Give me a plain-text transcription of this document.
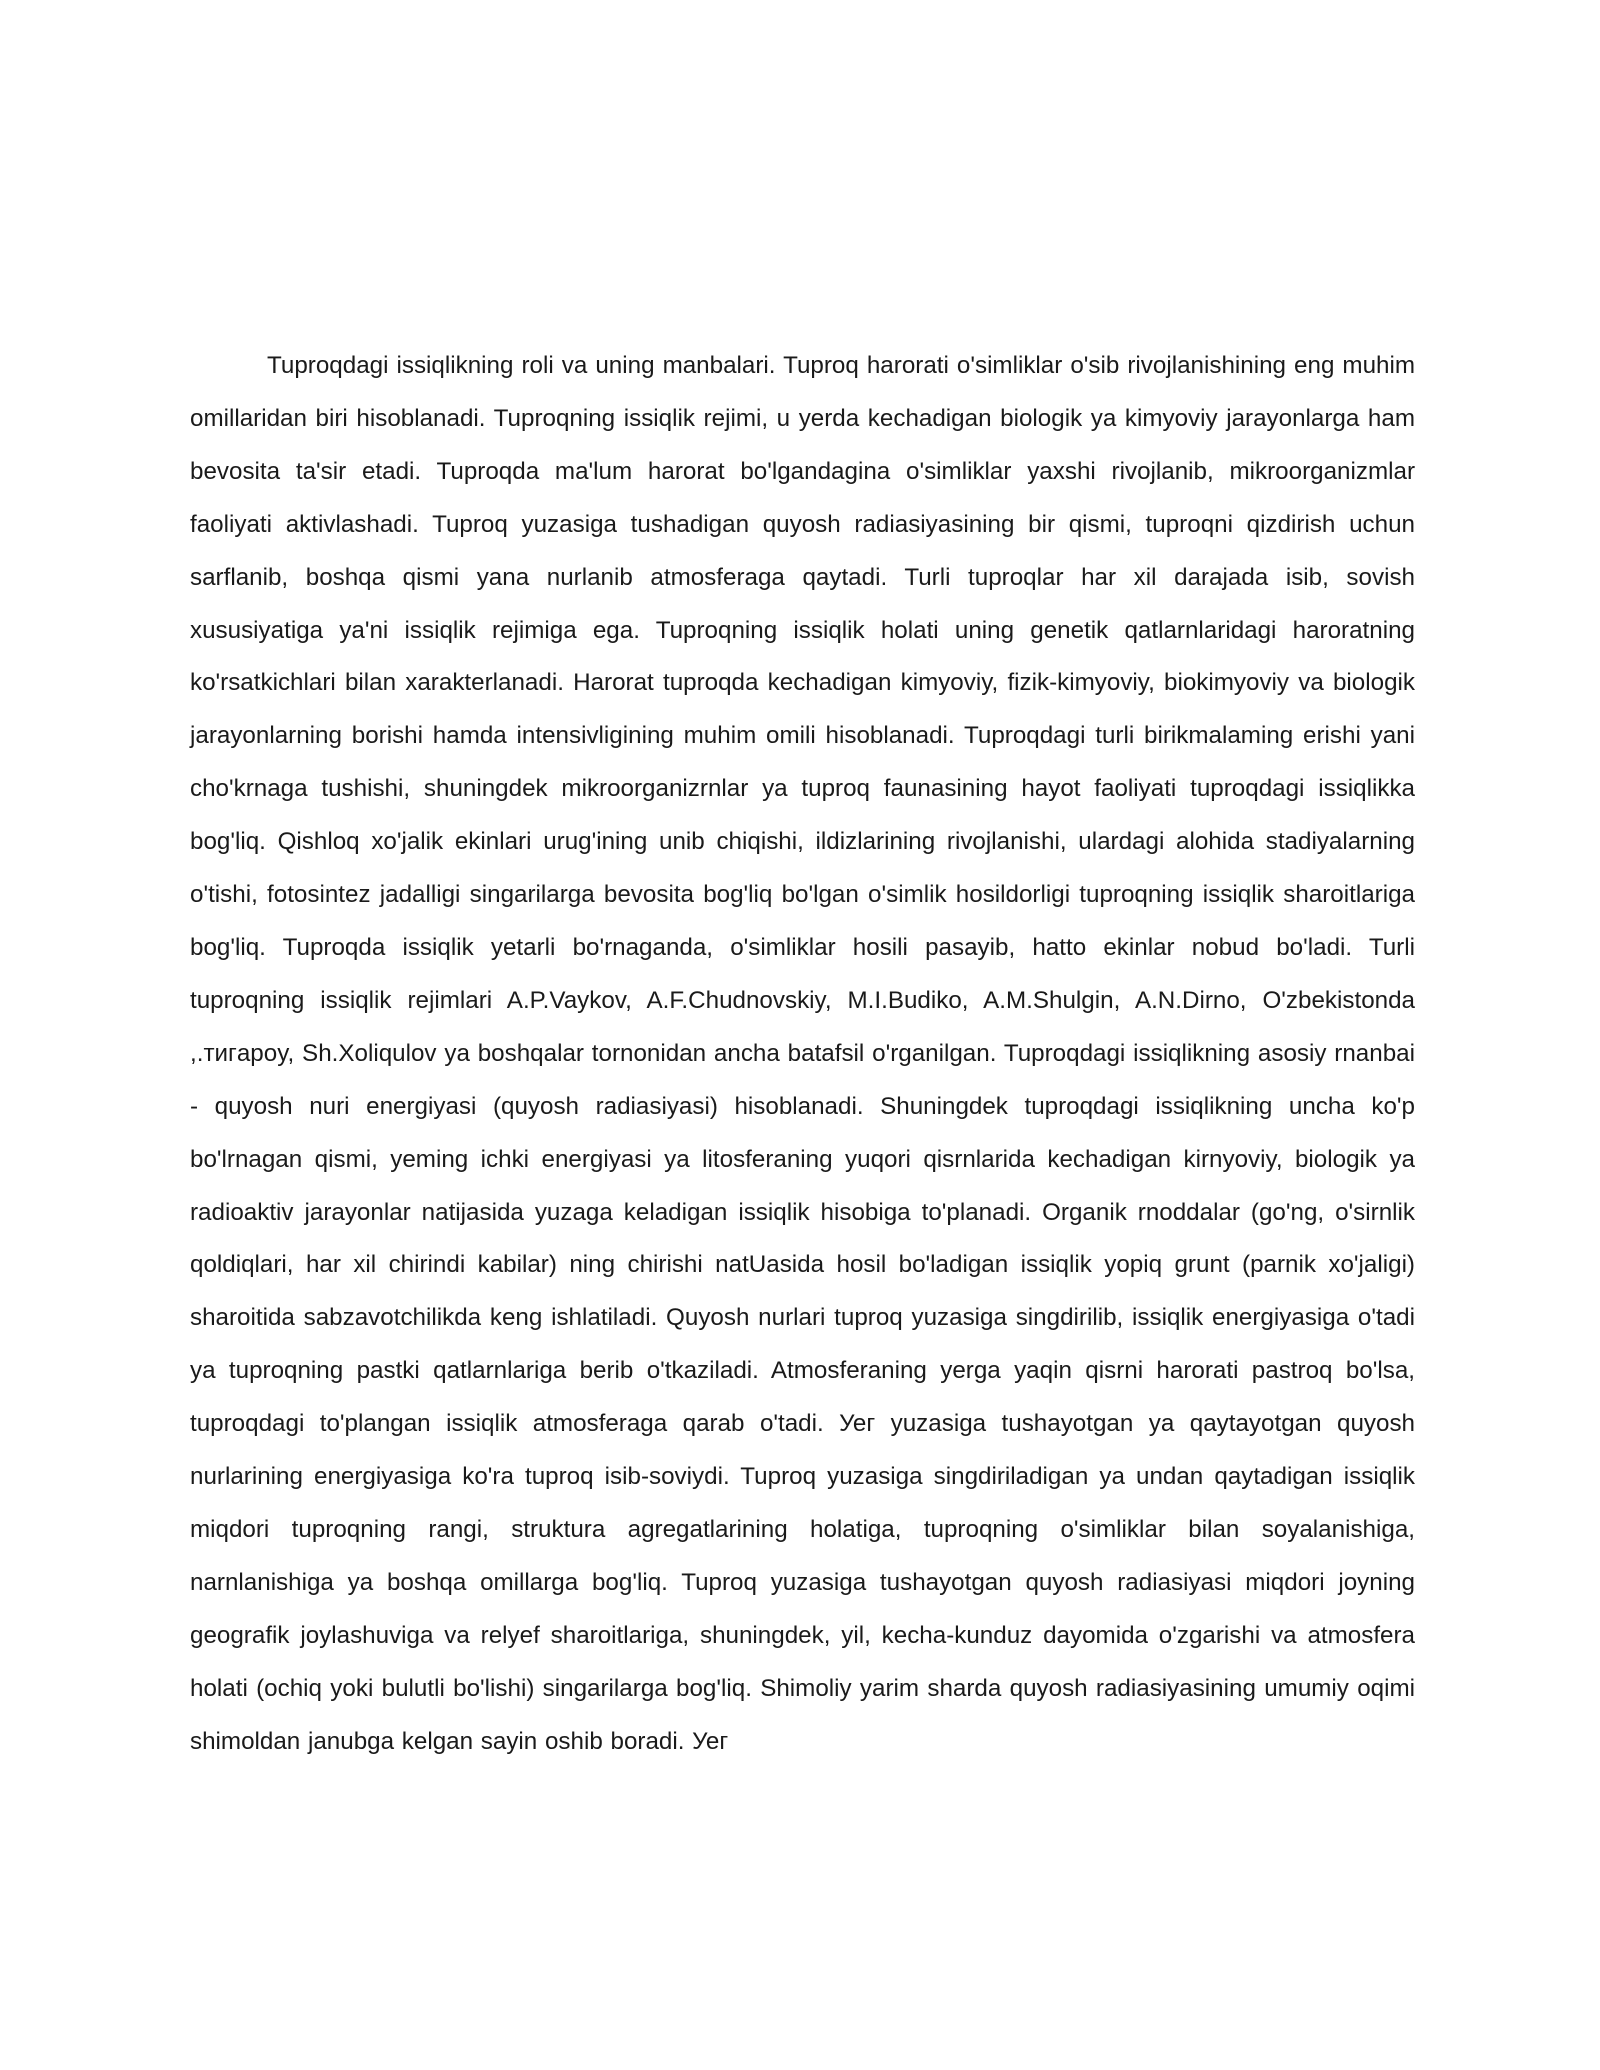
Tuproqdagi issiqlikning roli va uning manbalari. Tuproq harorati o'simliklar o'sib rivojlanishining eng muhim omillaridan biri hisoblanadi. Tuproqning issiqlik rejimi, u yerda kechadigan biologik ya kimyoviy jarayonlarga ham bevosita ta'sir etadi. Tuproqda ma'lum harorat bo'lgandagina o'simliklar yaxshi rivojlanib, mikroorganizmlar faoliyati aktivlashadi. Tuproq yuzasiga tushadigan quyosh radiasiyasining bir qismi, tuproqni qizdirish uchun sarflanib, boshqa qismi yana nurlanib atmosferaga qaytadi. Turli tuproqlar har xil darajada isib, sovish xususiyatiga ya'ni issiqlik rejimiga ega. Tuproqning issiqlik holati uning genetik qatlarnlaridagi haroratning ko'rsatkichlari bilan xarakterlanadi. Harorat tuproqda kechadigan kimyoviy, fizik-kimyoviy, biokimyoviy va biologik jarayonlarning borishi hamda intensivligining muhim omili hisoblanadi. Tuproqdagi turli birikmalaming erishi yani cho'krnaga tushishi, shuningdek mikroorganizrnlar ya tuproq faunasining hayot faoliyati tuproqdagi issiqlikka bog'liq. Qishloq xo'jalik ekinlari urug'ining unib chiqishi, ildizlarining rivojlanishi, ulardagi alohida stadiyalarning o'tishi, fotosintez jadalligi singarilarga bevosita bog'liq bo'lgan o'simlik hosildorligi tuproqning issiqlik sharoitlariga bog'liq. Tuproqda issiqlik yetarli bo'rnaganda, o'simliklar hosili pasayib, hatto ekinlar nobud bo'ladi. Turli tuproqning issiqlik rejimlari A.P.Vaykov, A.F.Chudnovskiy, M.I.Budiko, A.M.Shulgin, A.N.Dirno, O'zbekistonda ,.тигapoy, Sh.Xoliqulov ya boshqalar tornonidan ancha batafsil o'rganilgan. Tuproqdagi issiqlikning asosiy rnanbai - quyosh nuri energiyasi (quyosh radiasiyasi) hisoblanadi. Shuningdek tuproqdagi issiqlikning uncha ko'p bo'lrnagan qismi, yeming ichki energiyasi ya litosferaning yuqori qisrnlarida kechadigan kirnyoviy, biologik ya radioaktiv jarayonlar natijasida yuzaga keladigan issiqlik hisobiga to'planadi. Organik rnoddalar (go'ng, o'sirnlik qoldiqlari, har xil chirindi kabilar) ning chirishi natUasida hosil bo'ladigan issiqlik yopiq grunt (parnik xo'jaligi) sharoitida sabzavotchilikda keng ishlatiladi. Quyosh nurlari tuproq yuzasiga singdirilib, issiqlik energiyasiga o'tadi ya tuproqning pastki qatlarnlariga berib o'tkaziladi. Atmosferaning yerga yaqin qisrni harorati pastroq bo'lsa, tuproqdagi to'plangan issiqlik atmosferaga qarab o'tadi. Уег yuzasiga tushayotgan ya qaytayotgan quyosh nurlarining energiyasiga ko'ra tuproq isib-soviydi. Tuproq yuzasiga singdiriladigan ya undan qaytadigan issiqlik miqdori tuproqning rangi, struktura agregatlarining holatiga, tuproqning o'simliklar bilan soyalanishiga, narnlanishiga ya boshqa omillarga bog'liq. Tuproq yuzasiga tushayotgan quyosh radiasiyasi miqdori joyning geografik joylashuviga va relyef sharoitlariga, shuningdek, yil, kecha-kunduz dayomida o'zgarishi va atmosfera holati (ochiq yoki bulutli bo'lishi) singarilarga bog'liq. Shimoliy yarim sharda quyosh radiasiyasining umumiy oqimi shimoldan janubga kelgan sayin oshib boradi. Уег
